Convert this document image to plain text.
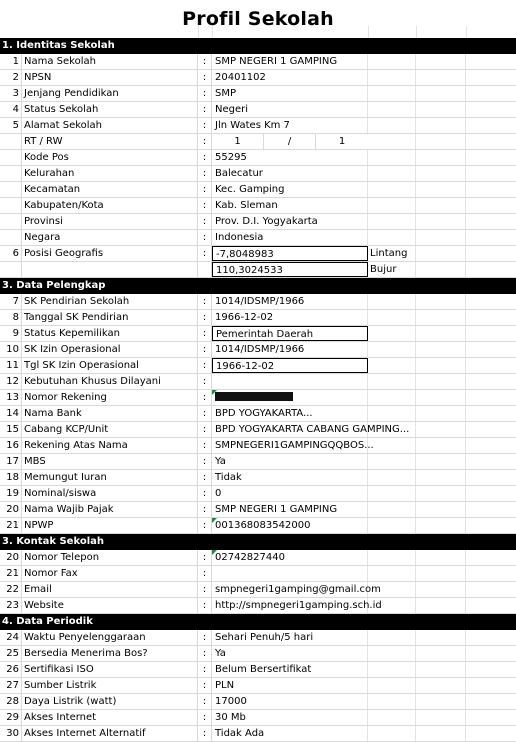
Profil Sekolah
1. Identitas Sekolah
1 Nama Sekolah	: SMP NEGERI 1 GAMPING
2 NPSN	: 20401102
3 Jenjang Pendidikan	: SMP
4 Status Sekolah	: Negeri
5 Alamat Sekolah	: Jln Wates Km 7
RT / RW	:	1	/	1
Kode Pos	: 55295
Kelurahan	: Balecatur
Kecamatan	: Kec. Gamping
Kabupaten/Kota	: Kab. Sleman
Provinsi	: Prov. D.I. Yogyakarta
Negara	: Indonesia
6 Posisi Geografis	: -7,8048983	Lintang
110,3024533	Bujur
3. Data Pelengkap
7 SK Pendirian Sekolah	: 1014/IDSMP/1966
8 Tanggal SK Pendirian	: 1966-12-02
9 Status Kepemilikan	: Pemerintah Daerah
10 SK Izin Operasional	: 1014/IDSMP/1966
11 Tgl SK Izin Operasional	: 1966-12-02
12 Kebutuhan Khusus Dilayani	:
13 Nomor Rekening	:
14 Nama Bank	: BPD YOGYAKARTA...
15 Cabang KCP/Unit	: BPD YOGYAKARTA CABANG GAMPING...
16 Rekening Atas Nama	: SMPNEGERI1GAMPINGQQBOS...
17 MBS	: Ya
18 Memungut Iuran	: Tidak
19 Nominal/siswa	: 0
20 Nama Wajib Pajak	: SMP NEGERI 1 GAMPING
21 NPWP	: 001368083542000
3. Kontak Sekolah
20 Nomor Telepon	: 02742827440
21 Nomor Fax	:
22 Email	: smpnegeri1gamping@gmail.com
23 Website	: http://smpnegeri1gamping.sch.id
4. Data Periodik
24 Waktu Penyelenggaraan	: Sehari Penuh/5 hari
25 Bersedia Menerima Bos?	: Ya
26 Sertifikasi ISO	: Belum Bersertifikat
27 Sumber Listrik	: PLN
28 Daya Listrik (watt)	: 17000
29 Akses Internet	: 30 Mb
30 Akses Internet Alternatif	: Tidak Ada
